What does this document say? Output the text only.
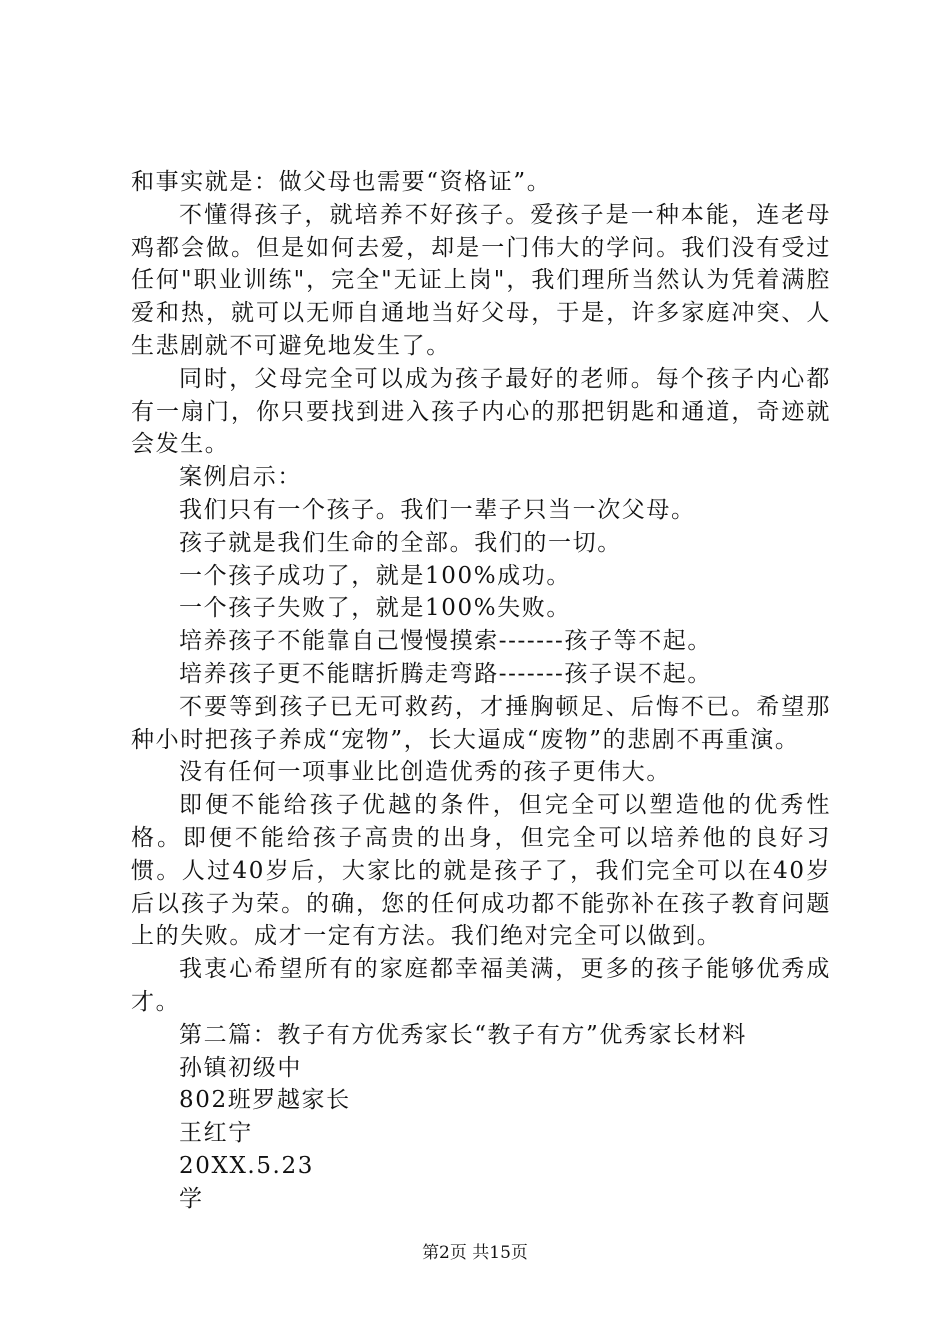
和事实就是：做父母也需要“资格证”。

不懂得孩子，就培养不好孩子。爱孩子是一种本能，连老母鸡都会做。但是如何去爱，却是一门伟大的学问。我们没有受过任何"职业训练"，完全"无证上岗"，我们理所当然认为凭着满腔爱和热，就可以无师自通地当好父母，于是，许多家庭冲突、人生悲剧就不可避免地发生了。

同时，父母完全可以成为孩子最好的老师。每个孩子内心都有一扇门，你只要找到进入孩子内心的那把钥匙和通道，奇迹就会发生。

案例启示：

我们只有一个孩子。我们一辈子只当一次父母。

孩子就是我们生命的全部。我们的一切。

一个孩子成功了，就是100%成功。

一个孩子失败了，就是100%失败。

培养孩子不能靠自己慢慢摸索-------孩子等不起。

培养孩子更不能瞎折腾走弯路-------孩子误不起。

不要等到孩子已无可救药，才捶胸顿足、后悔不已。希望那种小时把孩子养成“宠物”，长大逼成“废物”的悲剧不再重演。

没有任何一项事业比创造优秀的孩子更伟大。

即便不能给孩子优越的条件，但完全可以塑造他的优秀性格。即便不能给孩子高贵的出身，但完全可以培养他的良好习惯。人过40岁后，大家比的就是孩子了，我们完全可以在40岁后以孩子为荣。的确，您的任何成功都不能弥补在孩子教育问题上的失败。成才一定有方法。我们绝对完全可以做到。

我衷心希望所有的家庭都幸福美满，更多的孩子能够优秀成才。

第二篇：教子有方优秀家长“教子有方”优秀家长材料

孙镇初级中

802班罗越家长

王红宁

20XX.5.23

学

第2页 共15页
